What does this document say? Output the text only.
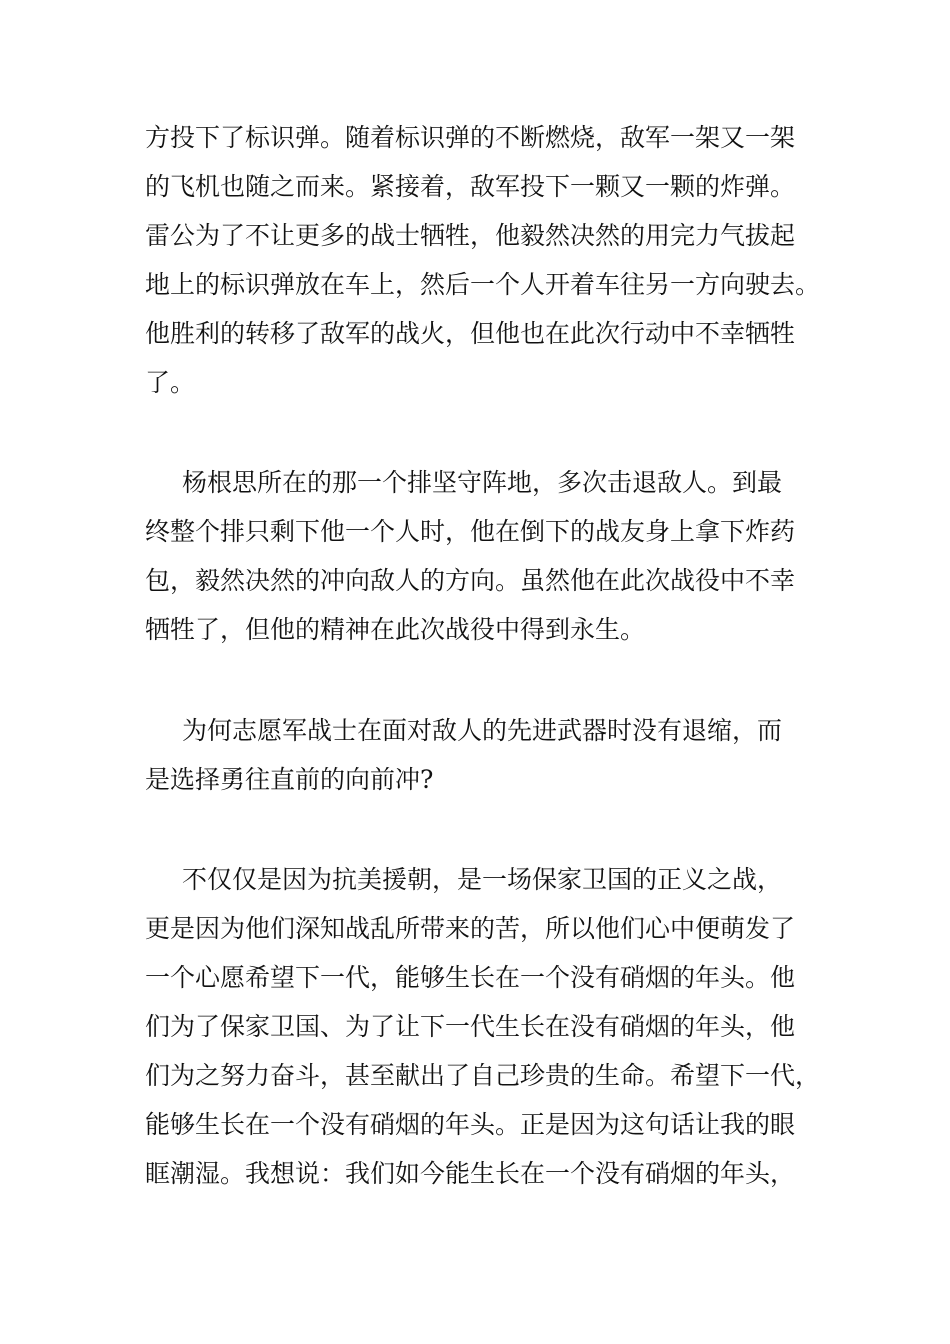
方投下了标识弹。随着标识弹的不断燃烧，敌军一架又一架
的飞机也随之而来。紧接着，敌军投下一颗又一颗的炸弹。
雷公为了不让更多的战士牺牲，他毅然决然的用完力气拔起
地上的标识弹放在车上，然后一个人开着车往另一方向驶去。
他胜利的转移了敌军的战火，但他也在此次行动中不幸牺牲
了。
杨根思所在的那一个排坚守阵地，多次击退敌人。到最
终整个排只剩下他一个人时，他在倒下的战友身上拿下炸药
包，毅然决然的冲向敌人的方向。虽然他在此次战役中不幸
牺牲了，但他的精神在此次战役中得到永生。
为何志愿军战士在面对敌人的先进武器时没有退缩，而
是选择勇往直前的向前冲?
不仅仅是因为抗美援朝，是一场保家卫国的正义之战，
更是因为他们深知战乱所带来的苦，所以他们心中便萌发了
一个心愿希望下一代，能够生长在一个没有硝烟的年头。他
们为了保家卫国、为了让下一代生长在没有硝烟的年头，他
们为之努力奋斗，甚至献出了自己珍贵的生命。希望下一代，
能够生长在一个没有硝烟的年头。正是因为这句话让我的眼
眶潮湿。我想说：我们如今能生长在一个没有硝烟的年头，
